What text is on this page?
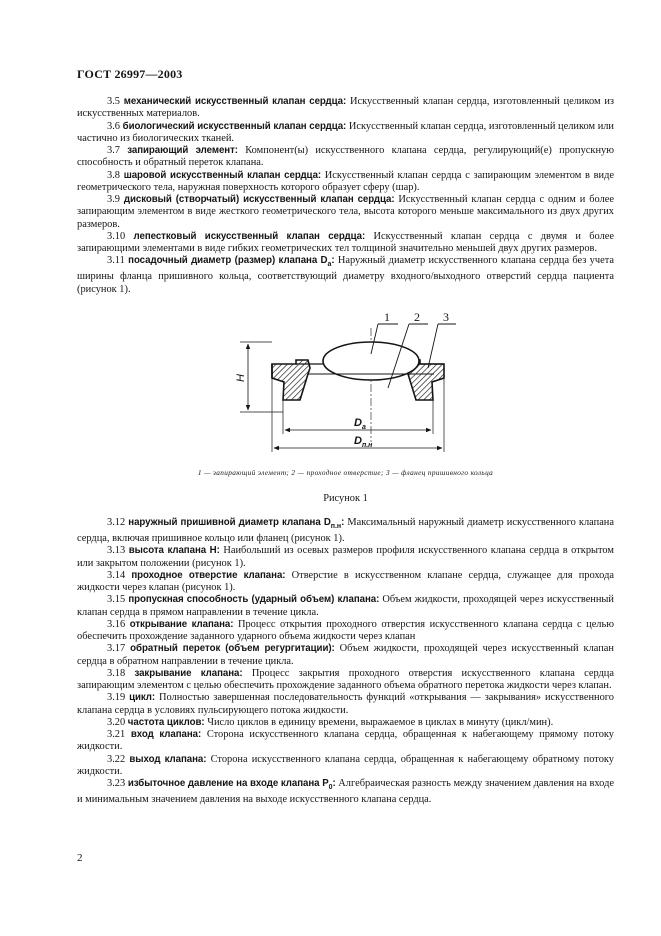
ГОСТ 26997—2003

3.5 механический искусственный клапан сердца: Искусственный клапан сердца, изготовленный целиком из искусственных материалов.

3.6 биологический искусственный клапан сердца: Искусственный клапан сердца, изготовленный целиком или частично из биологических тканей.

3.7 запирающий элемент: Компонент(ы) искусственного клапана сердца, регулирующий(е) пропускную способность и обратный переток клапана.

3.8 шаровой искусственный клапан сердца: Искусственный клапан сердца с запирающим элементом в виде геометрического тела, наружная поверхность которого образует сферу (шар).

3.9 дисковый (створчатый) искусственный клапан сердца: Искусственный клапан сердца с одним и более запирающим элементом в виде жесткого геометрического тела, высота которого меньше максимального из двух других размеров.

3.10 лепестковый искусственный клапан сердца: Искусственный клапан сердца с двумя и более запирающими элементами в виде гибких геометрических тел толщиной значительно меньшей двух других размеров.

3.11 посадочный диаметр (размер) клапана $D_а$: Наружный диаметр искусственного клапана сердца без учета ширины фланца пришивного кольца, соответствующий диаметру входного/выходного отверстий сердца пациента (рисунок 1).

1 2 3
H
$D_а$
$D_{п.н}$
1 — запирающий элемент; 2 — проходное отверстие; 3 — фланец пришивного кольца
Рисунок 1

3.12 наружный пришивной диаметр клапана $D_{п.н}$: Максимальный наружный диаметр искусственного клапана сердца, включая пришивное кольцо или фланец (рисунок 1).

3.13 высота клапана H: Наибольший из осевых размеров профиля искусственного клапана сердца в открытом или закрытом положении (рисунок 1).

3.14 проходное отверстие клапана: Отверстие в искусственном клапане сердца, служащее для прохода жидкости через клапан (рисунок 1).

3.15 пропускная способность (ударный объем) клапана: Объем жидкости, проходящей через искусственный клапан сердца в прямом направлении в течение цикла.

3.16 открывание клапана: Процесс открытия проходного отверстия искусственного клапана сердца с целью обеспечить прохождение заданного ударного объема жидкости через клапан

3.17 обратный переток (объем регургитации): Объем жидкости, проходящей через искусственный клапан сердца в обратном направлении в течение цикла.

3.18 закрывание клапана: Процесс закрытия проходного отверстия искусственного клапана сердца запирающим элементом с целью обеспечить прохождение заданного объема обратного перетока жидкости через клапан.

3.19 цикл: Полностью завершенная последовательность функций «открывания — закрывания» искусственного клапана сердца в условиях пульсирующего потока жидкости.

3.20 частота циклов: Число циклов в единицу времени, выражаемое в циклах в минуту (цикл/мин).

3.21 вход клапана: Сторона искусственного клапана сердца, обращенная к набегающему прямому потоку жидкости.

3.22 выход клапана: Сторона искусственного клапана сердца, обращенная к набегающему обратному потоку жидкости.

3.23 избыточное давление на входе клапана $P_0$: Алгебраическая разность между значением давления на входе и минимальным значением давления на выходе искусственного клапана сердца.

2
